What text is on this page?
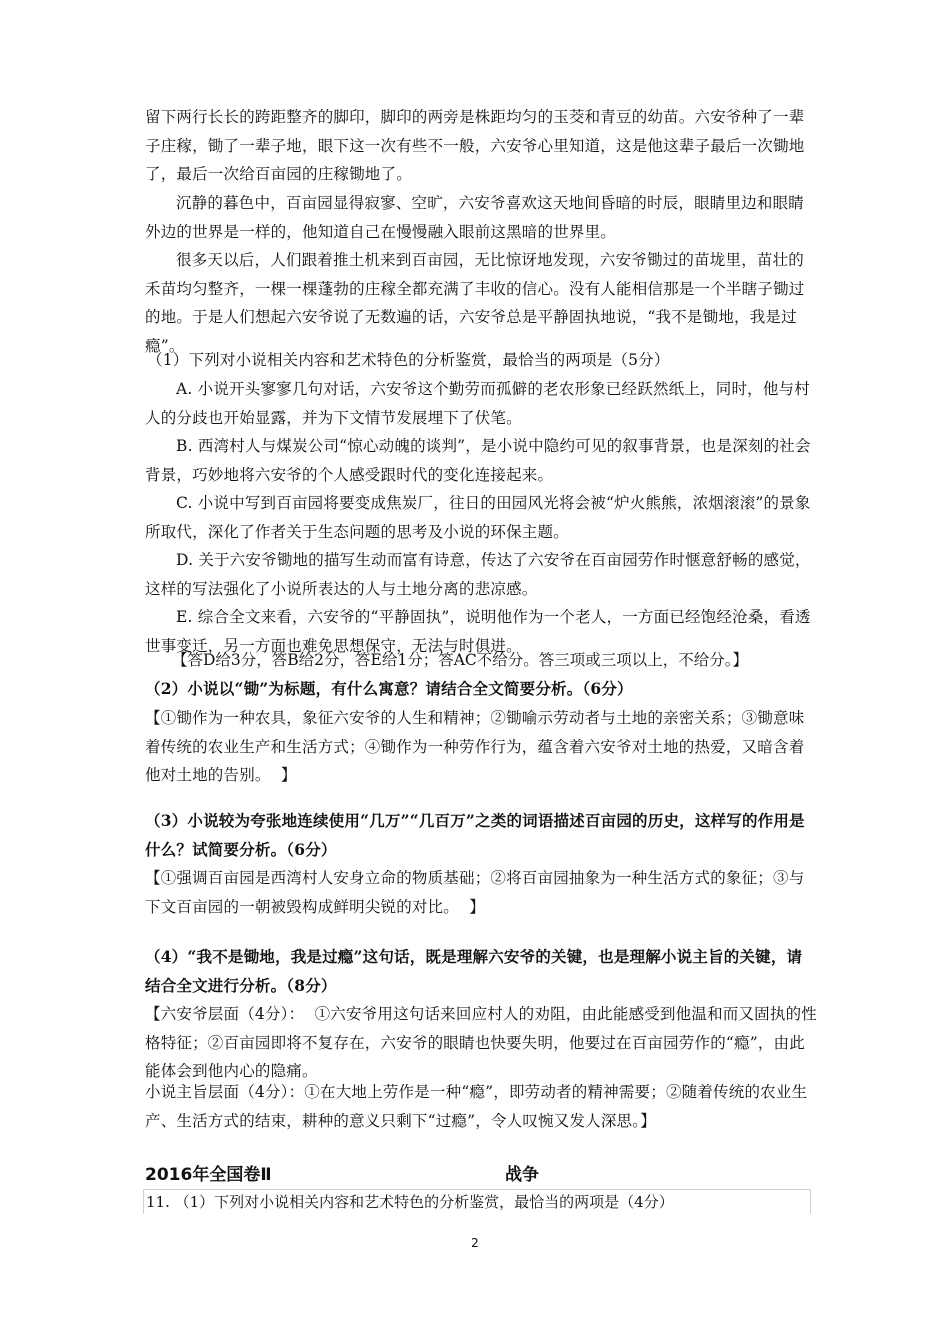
留下两行长长的跨距整齐的脚印，脚印的两旁是株距均匀的玉茭和青豆的幼苗。六安爷种了一辈子庄稼，锄了一辈子地，眼下这一次有些不一般，六安爷心里知道，这是他这辈子最后一次锄地了，最后一次给百亩园的庄稼锄地了。

沉静的暮色中，百亩园显得寂寥、空旷，六安爷喜欢这天地间昏暗的时辰，眼睛里边和眼睛外边的世界是一样的，他知道自己在慢慢融入眼前这黑暗的世界里。

很多天以后，人们跟着推土机来到百亩园，无比惊讶地发现，六安爷锄过的苗垅里，苗壮的禾苗均匀整齐，一棵一棵蓬勃的庄稼全都充满了丰收的信心。没有人能相信那是一个半瞎子锄过的地。于是人们想起六安爷说了无数遍的话，六安爷总是平静固执地说，“我不是锄地，我是过瘾”。

（1）下列对小说相关内容和艺术特色的分析鉴赏，最恰当的两项是（5分）

A. 小说开头寥寥几句对话，六安爷这个勤劳而孤僻的老农形象已经跃然纸上，同时，他与村人的分歧也开始显露，并为下文情节发展埋下了伏笔。

B. 西湾村人与煤炭公司“惊心动魄的谈判”，是小说中隐约可见的叙事背景，也是深刻的社会背景，巧妙地将六安爷的个人感受跟时代的变化连接起来。

C. 小说中写到百亩园将要变成焦炭厂，往日的田园风光将会被“炉火熊熊，浓烟滚滚”的景象所取代，深化了作者关于生态问题的思考及小说的环保主题。

D. 关于六安爷锄地的描写生动而富有诗意，传达了六安爷在百亩园劳作时惬意舒畅的感觉，这样的写法强化了小说所表达的人与土地分离的悲凉感。

E. 综合全文来看，六安爷的“平静固执”，说明他作为一个老人，一方面已经饱经沧桑，看透世事变迁，另一方面也难免思想保守，无法与时俱进。

【答D给3分，答B给2分，答E给1分；答AC不给分。答三项或三项以上，不给分。】

（2）小说以“锄”为标题，有什么寓意？请结合全文简要分析。（6分）

【①锄作为一种农具，象征六安爷的人生和精神；②锄喻示劳动者与土地的亲密关系；③锄意味着传统的农业生产和生活方式；④锄作为一种劳作行为，蕴含着六安爷对土地的热爱，又暗含着他对土地的告别。  】

（3）小说较为夸张地连续使用“几万”“几百万”之类的词语描述百亩园的历史，这样写的作用是什么？试简要分析。（6分）

【①强调百亩园是西湾村人安身立命的物质基础；②将百亩园抽象为一种生活方式的象征；③与下文百亩园的一朝被毁构成鲜明尖锐的对比。  】

（4）“我不是锄地，我是过瘾”这句话，既是理解六安爷的关键，也是理解小说主旨的关键，请结合全文进行分析。（8分）

【六安爷层面（4分）：  ①六安爷用这句话来回应村人的劝阻，由此能感受到他温和而又固执的性格特征；②百亩园即将不复存在，六安爷的眼睛也快要失明，他要过在百亩园劳作的“瘾”，由此能体会到他内心的隐痛。

小说主旨层面（4分）：①在大地上劳作是一种“瘾”，即劳动者的精神需要；②随着传统的农业生产、生活方式的结束，耕种的意义只剩下“过瘾”，令人叹惋又发人深思。】

2016年全国卷Ⅱ	战争
11. （1）下列对小说相关内容和艺术特色的分析鉴赏，最恰当的两项是（4分）
2
